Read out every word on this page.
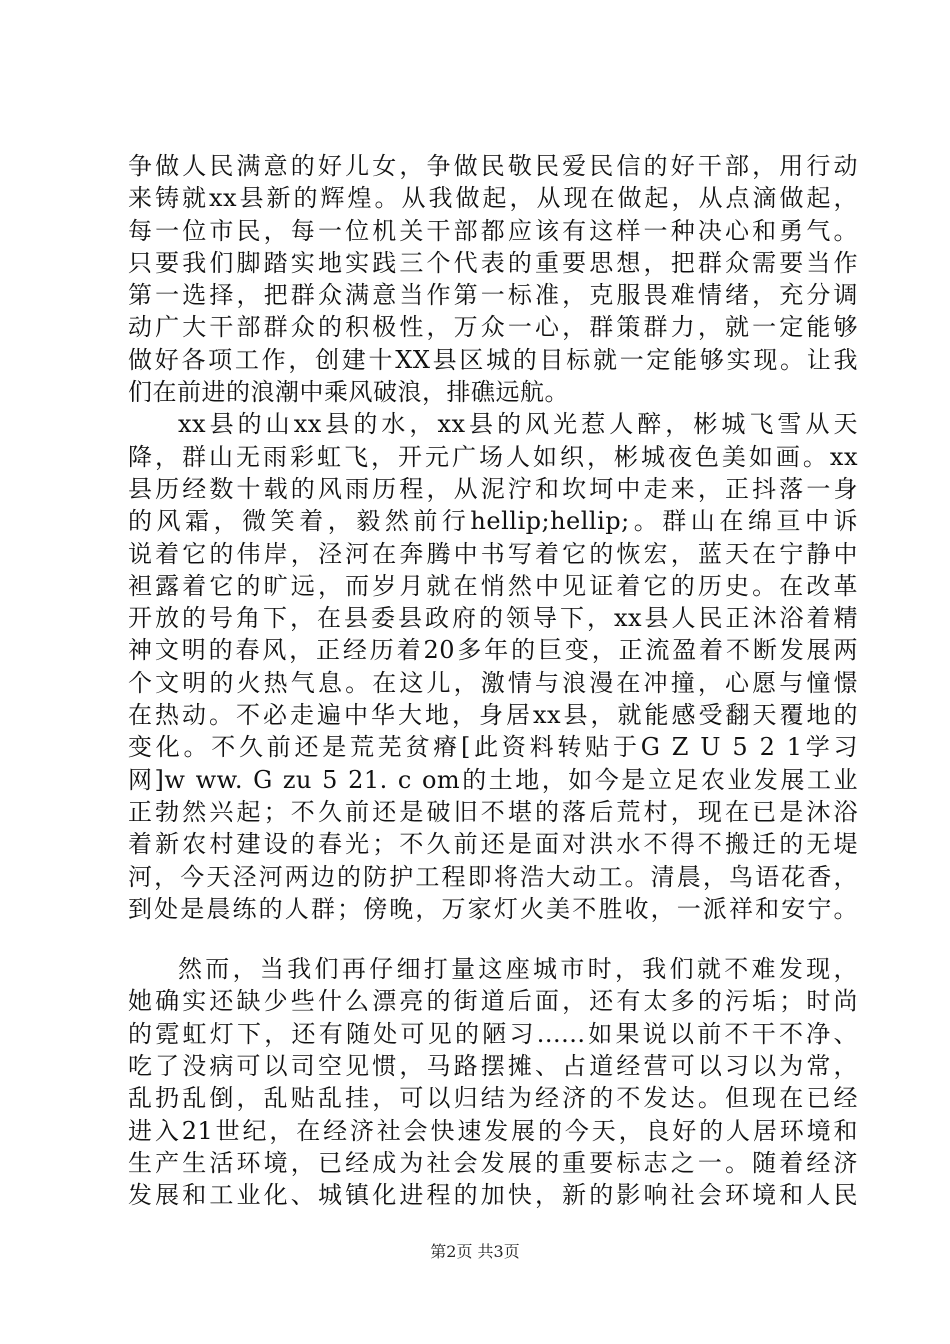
争做人民满意的好儿女，争做民敬民爱民信的好干部，用行动
来铸就xx县新的辉煌。从我做起，从现在做起，从点滴做起，
每一位市民，每一位机关干部都应该有这样一种决心和勇气。
只要我们脚踏实地实践三个代表的重要思想，把群众需要当作
第一选择，把群众满意当作第一标准，克服畏难情绪，充分调
动广大干部群众的积极性，万众一心，群策群力，就一定能够
做好各项工作，创建十XX县区城的目标就一定能够实现。让我
们在前进的浪潮中乘风破浪，排礁远航。
xx县的山xx县的水，xx县的风光惹人醉，彬城飞雪从天
降，群山无雨彩虹飞，开元广场人如织，彬城夜色美如画。xx
县历经数十载的风雨历程，从泥泞和坎坷中走来，正抖落一身
的风霜，微笑着，毅然前行hellip;hellip;。群山在绵亘中诉
说着它的伟岸，泾河在奔腾中书写着它的恢宏，蓝天在宁静中
袒露着它的旷远，而岁月就在悄然中见证着它的历史。在改革
开放的号角下，在县委县政府的领导下，xx县人民正沐浴着精
神文明的春风，正经历着20多年的巨变，正流盈着不断发展两
个文明的火热气息。在这儿，激情与浪漫在冲撞，心愿与憧憬
在热动。不必走遍中华大地，身居xx县，就能感受翻天覆地的
变化。不久前还是荒芜贫瘠[此资料转贴于G Z U 5 2 1学习
网]w ww. G zu 5 21. c om的土地，如今是立足农业发展工业
正勃然兴起；不久前还是破旧不堪的落后荒村，现在已是沐浴
着新农村建设的春光；不久前还是面对洪水不得不搬迁的无堤
河，今天泾河两边的防护工程即将浩大动工。清晨，鸟语花香，
到处是晨练的人群；傍晚，万家灯火美不胜收，一派祥和安宁。
然而，当我们再仔细打量这座城市时，我们就不难发现，
她确实还缺少些什么漂亮的街道后面，还有太多的污垢；时尚
的霓虹灯下，还有随处可见的陋习......如果说以前不干不净、
吃了没病可以司空见惯，马路摆摊、占道经营可以习以为常，
乱扔乱倒，乱贴乱挂，可以归结为经济的不发达。但现在已经
进入21世纪，在经济社会快速发展的今天，良好的人居环境和
生产生活环境，已经成为社会发展的重要标志之一。随着经济
发展和工业化、城镇化进程的加快，新的影响社会环境和人民
第2页 共3页
